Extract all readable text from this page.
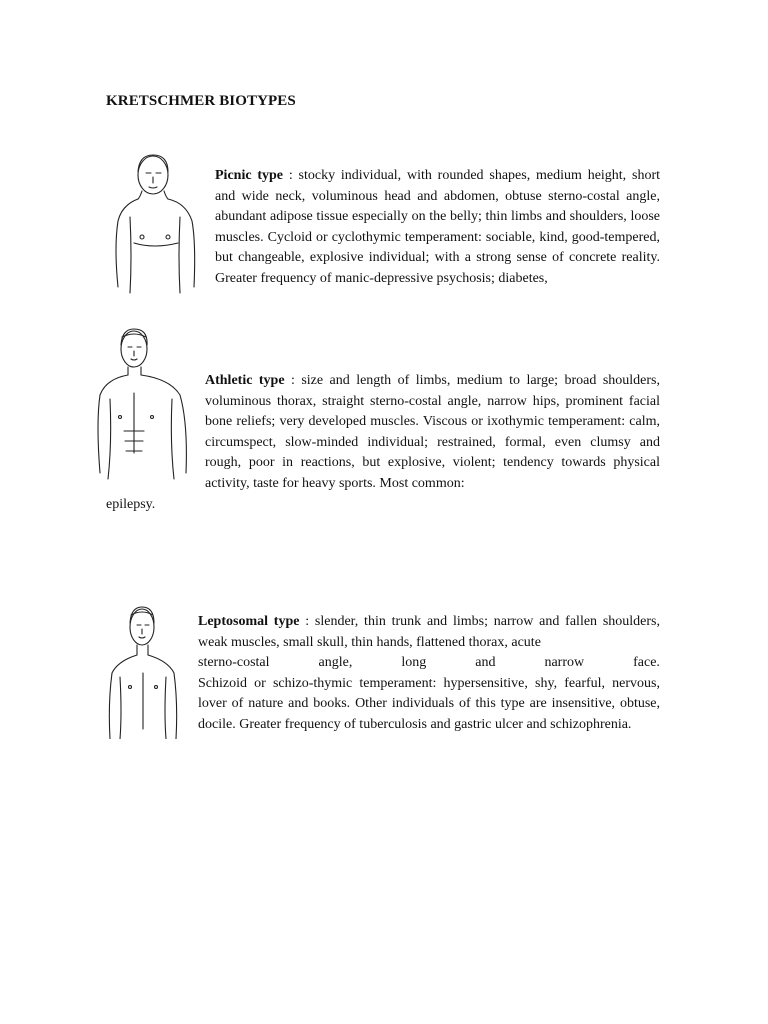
KRETSCHMER BIOTYPES
Picnic type : stocky individual, with rounded shapes, medium height, short and wide neck, voluminous head and abdomen, obtuse sterno-costal angle, abundant adipose tissue especially on the belly; thin limbs and shoulders, loose muscles. Cycloid or cyclothymic temperament: sociable, kind, good-tempered, but changeable, explosive individual; with a strong sense of concrete reality. Greater frequency of manic-depressive psychosis; diabetes,
Athletic type : size and length of limbs, medium to large; broad shoulders, voluminous thorax, straight sterno-costal angle, narrow hips, prominent facial bone reliefs; very developed muscles. Viscous or ixothymic temperament: calm, circumspect, slow-minded individual; restrained, formal, even clumsy and rough, poor in reactions, but explosive, violent; tendency towards physical activity, taste for heavy sports. Most common:
epilepsy.
Leptosomal type : slender, thin trunk and limbs; narrow and fallen shoulders, weak muscles, small skull, thin hands, flattened thorax, acute
sterno-costal	angle,	long	and	narrow	face.
Schizoid or schizo-thymic temperament: hypersensitive, shy, fearful, nervous, lover of nature and books. Other individuals of this type are insensitive, obtuse, docile. Greater frequency of tuberculosis and gastric ulcer and schizophrenia.
